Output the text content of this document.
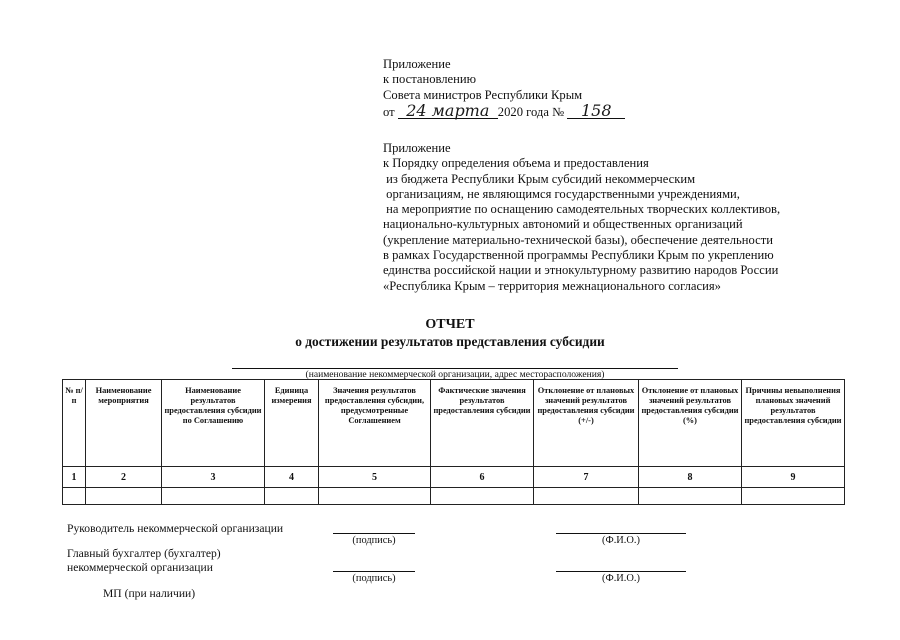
Приложение
к постановлению
Совета министров Республики Крым
от 24 марта 2020 года № 158
Приложение
к Порядку определения объема и предоставления
из бюджета Республики Крым субсидий некоммерческим
организациям, не являющимся государственными учреждениями,
на мероприятие по оснащению самодеятельных творческих коллективов,
национально-культурных автономий и общественных организаций
(укрепление материально-технической базы), обеспечение деятельности
в рамках Государственной программы Республики Крым по укреплению
единства российской нации и этнокультурному развитию народов России
«Республика Крым – территория межнационального согласия»
ОТЧЕТ
о достижении результатов представления субсидии
(наименование некоммерческой организации, адрес месторасположения)
№ п/п	Наименование мероприятия	Наименование результатов предоставления субсидии по Соглашению	Единица измерения	Значения результатов предоставления субсидии, предусмотренные Соглашением	Фактические значения результатов предоставления субсидии	Отклонение от плановых значений результатов предоставления субсидии (+/-)	Отклонение от плановых значений результатов предоставления субсидии (%)	Причины невыполнения плановых значений результатов предоставления субсидии
1	2	3	4	5	6	7	8	9

Руководитель некоммерческой организации
(подпись)	(Ф.И.О.)
Главный бухгалтер (бухгалтер)
некоммерческой организации
(подпись)	(Ф.И.О.)
МП (при наличии)
